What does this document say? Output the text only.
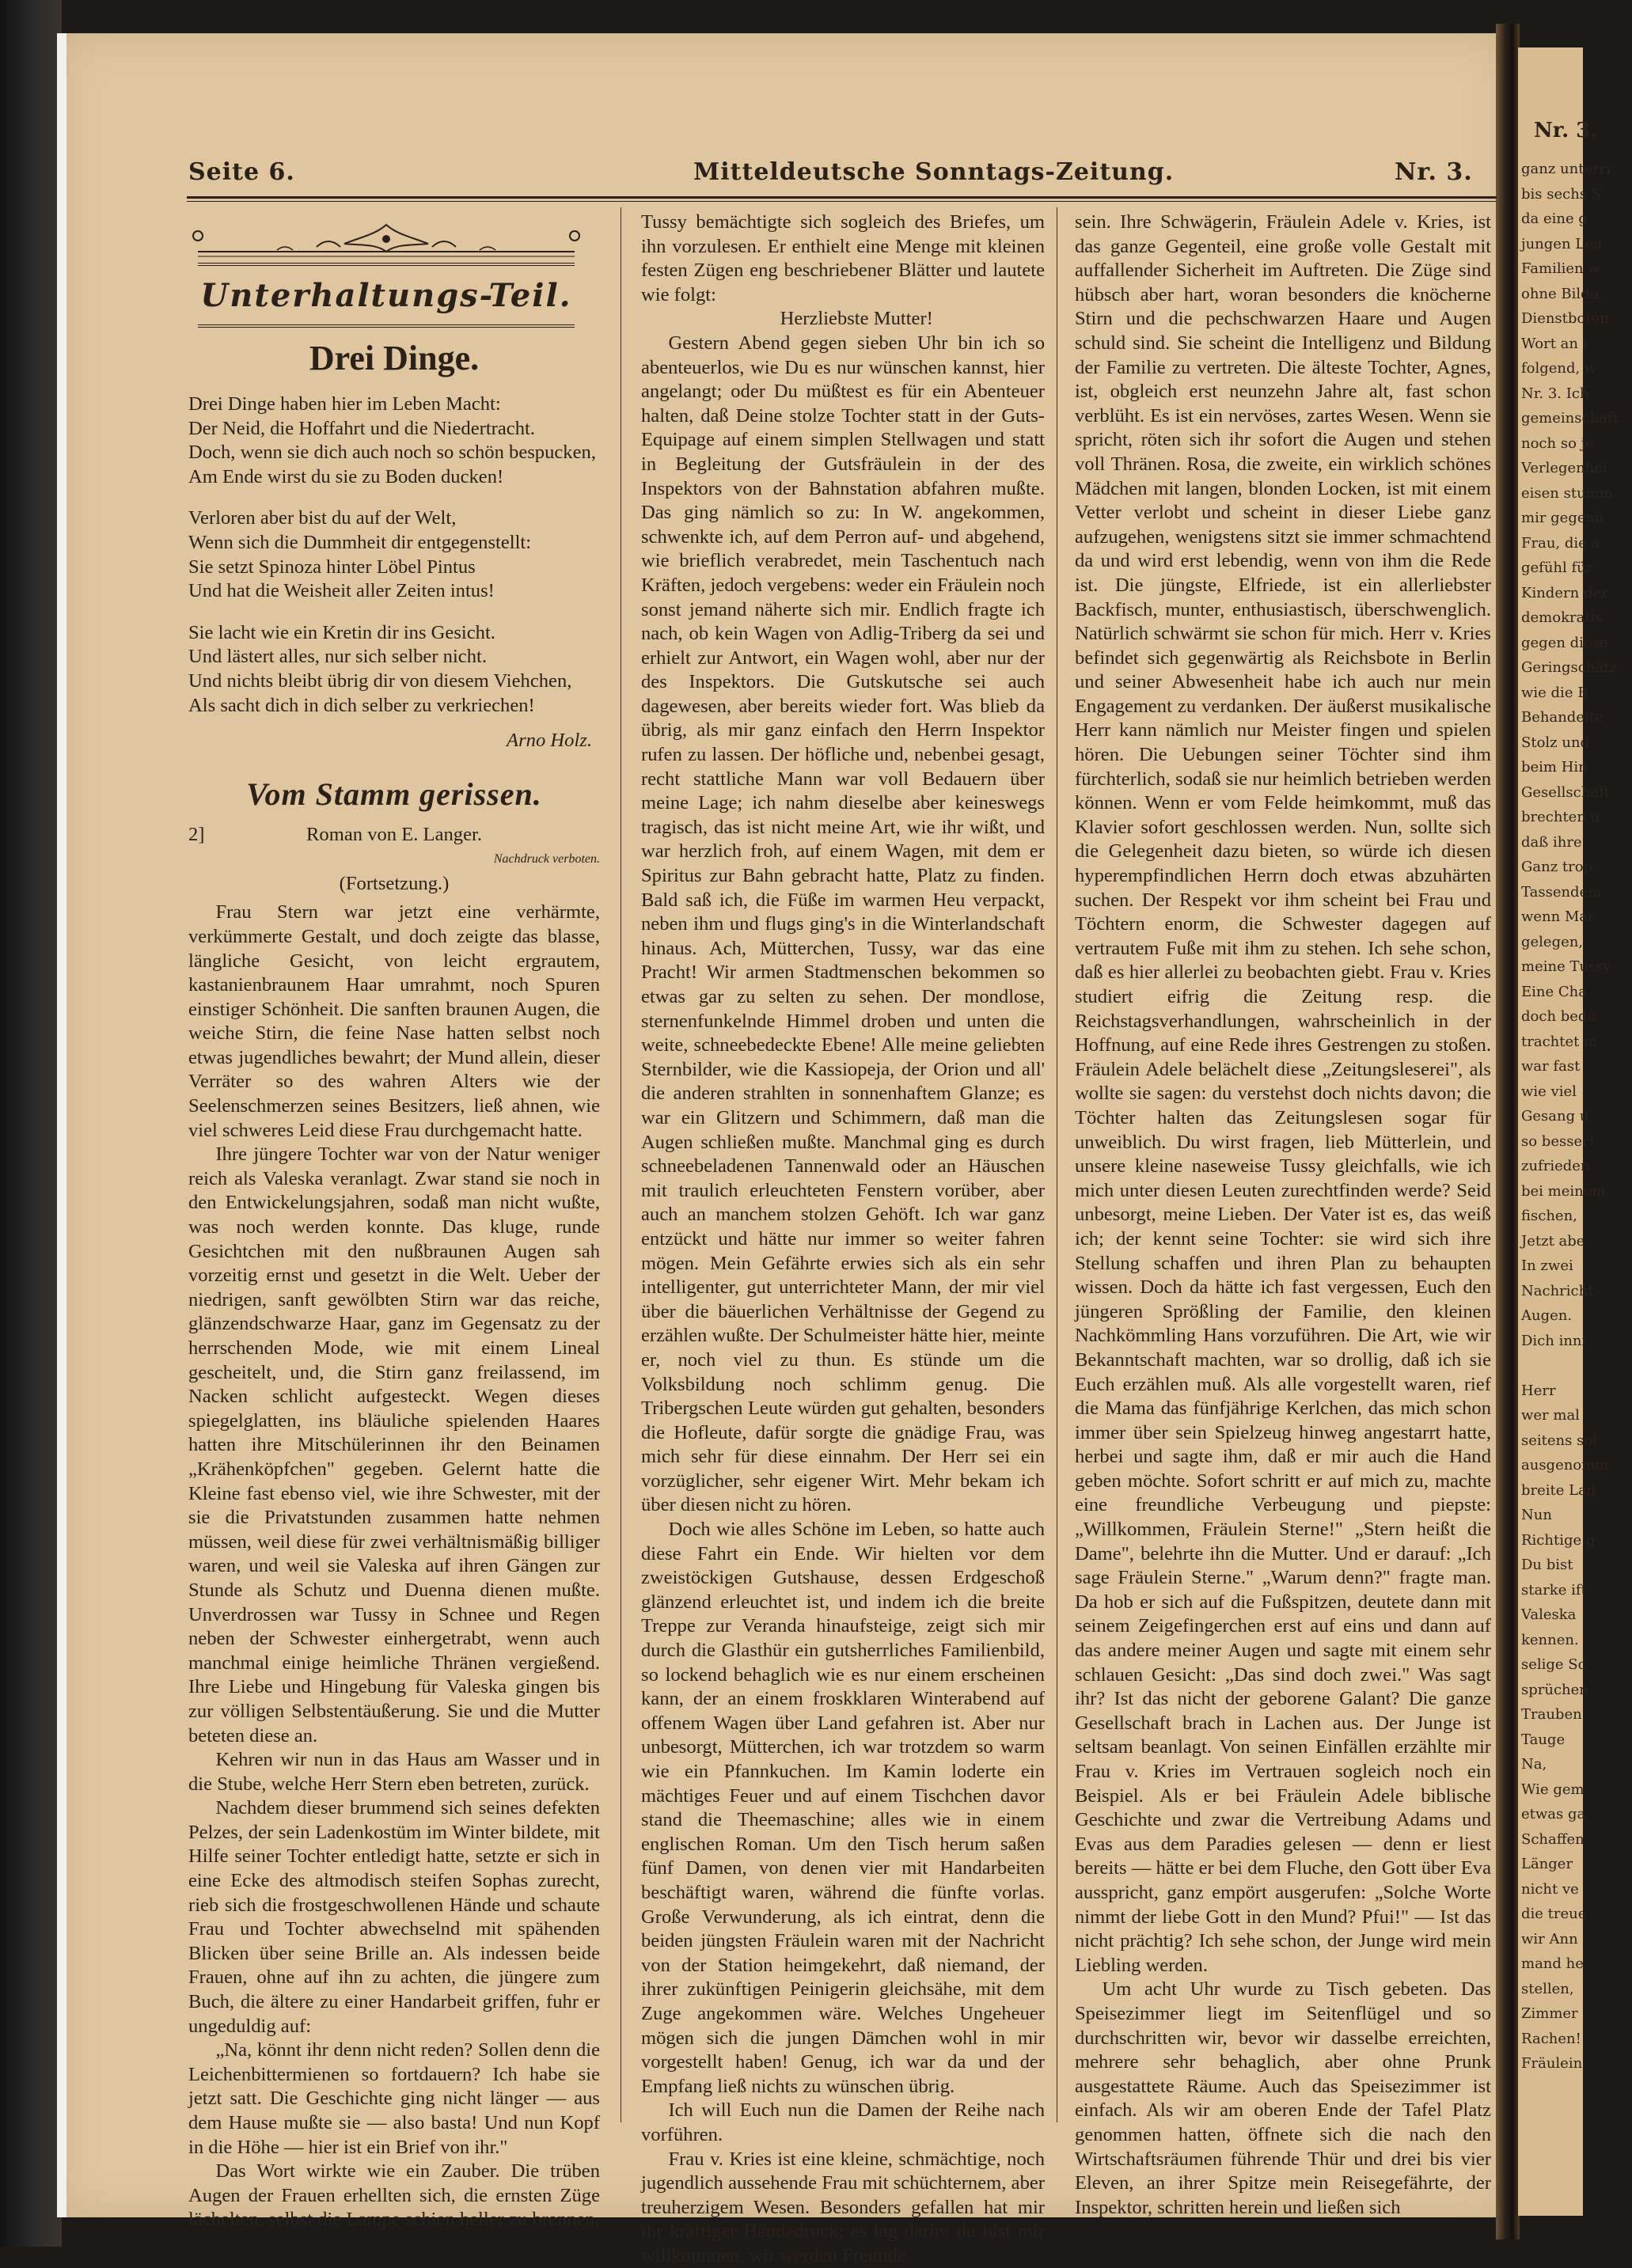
Nr. 3.
ganz unterri
bis sechs S
da eine g
jungen Leu
Familien w
ohne Bildu
Dienstboten
Wort an i
folgend, w
Nr. 3. Ich
gemeinschaft
noch so je
Verlegenhei
eisen stumm
mir gegenü
Frau, die a
gefühl für
Kindern der
demokratis
gegen diese
Geringschätz
wie die B
Behandelte
Stolz und
beim Hin
Gesellschaft
brechten u
daß ihre
Ganz trop
Tassendem
wenn Mar
gelegen,
meine Tussy
Eine Cha
doch bedü
trachtet m
war fast
wie viel
Gesang u
so besser!
zufrieden
bei meinem
fischen,
Jetzt abe
In zwei
Nachricht
Augen.
Dich inni
Herr
wer mal
seitens sei
ausgenomm
breite Lad
Nun
Richtige g
Du bist
starke ift
Valeska
kennen.
selige Sc
sprüchen
Trauben
Tauge
Na,
Wie gem
etwas ga
Schaffen
Länger
nicht ve
die treue
wir Ann
mand he
stellen,
Zimmer
Rachen!
Fräulein
Seite 6.	Mitteldeutsche Sonntags-Zeitung.	Nr. 3.
Unterhaltungs-Teil.
Drei Dinge.
Drei Dinge haben hier im Leben Macht:
Der Neid, die Hoffahrt und die Niedertracht.
Doch, wenn sie dich auch noch so schön bespucken,
Am Ende wirst du sie zu Boden ducken!
Verloren aber bist du auf der Welt,
Wenn sich die Dummheit dir entgegenstellt:
Sie setzt Spinoza hinter Löbel Pintus
Und hat die Weisheit aller Zeiten intus!
Sie lacht wie ein Kretin dir ins Gesicht.
Und lästert alles, nur sich selber nicht.
Und nichts bleibt übrig dir von diesem Viehchen,
Als sacht dich in dich selber zu verkriechen!
Arno Holz.
Vom Stamm gerissen.
2]	Roman von E. Langer.
Nachdruck verboten.
(Fortsetzung.)

Frau Stern war jetzt eine verhärmte, verkümmerte Gestalt, und doch zeigte das blasse, längliche Gesicht, von leicht ergrautem, kastanienbraunem Haar umrahmt, noch Spuren einstiger Schönheit. Die sanften braunen Augen, die weiche Stirn, die feine Nase hatten selbst noch etwas jugendliches bewahrt; der Mund allein, dieser Verräter so des wahren Alters wie der Seelenschmerzen seines Besitzers, ließ ahnen, wie viel schweres Leid diese Frau durchgemacht hatte.

Ihre jüngere Tochter war von der Natur weniger reich als Valeska veranlagt. Zwar stand sie noch in den Entwickelungsjahren, sodaß man nicht wußte, was noch werden konnte. Das kluge, runde Gesichtchen mit den nußbraunen Augen sah vorzeitig ernst und gesetzt in die Welt. Ueber der niedrigen, sanft gewölbten Stirn war das reiche, glänzendschwarze Haar, ganz im Gegensatz zu der herrschenden Mode, wie mit einem Lineal gescheitelt, und, die Stirn ganz freilassend, im Nacken schlicht aufgesteckt. Wegen dieses spiegelglatten, ins bläuliche spielenden Haares hatten ihre Mitschülerinnen ihr den Beinamen „Krähenköpfchen" gegeben. Gelernt hatte die Kleine fast ebenso viel, wie ihre Schwester, mit der sie die Privatstunden zusammen hatte nehmen müssen, weil diese für zwei verhältnismäßig billiger waren, und weil sie Valeska auf ihren Gängen zur Stunde als Schutz und Duenna dienen mußte. Unverdrossen war Tussy in Schnee und Regen neben der Schwester einhergetrabt, wenn auch manchmal einige heimliche Thränen vergießend. Ihre Liebe und Hingebung für Valeska gingen bis zur völligen Selbstentäußerung. Sie und die Mutter beteten diese an.

Kehren wir nun in das Haus am Wasser und in die Stube, welche Herr Stern eben betreten, zurück.

Nachdem dieser brummend sich seines defekten Pelzes, der sein Ladenkostüm im Winter bildete, mit Hilfe seiner Tochter entledigt hatte, setzte er sich in eine Ecke des altmodisch steifen Sophas zurecht, rieb sich die frostgeschwollenen Hände und schaute Frau und Tochter abwechselnd mit spähenden Blicken über seine Brille an. Als indessen beide Frauen, ohne auf ihn zu achten, die jüngere zum Buch, die ältere zu einer Handarbeit griffen, fuhr er ungeduldig auf:

„Na, könnt ihr denn nicht reden? Sollen denn die Leichenbittermienen so fortdauern? Ich habe sie jetzt satt. Die Geschichte ging nicht länger — aus dem Hause mußte sie — also basta! Und nun Kopf in die Höhe — hier ist ein Brief von ihr."

Das Wort wirkte wie ein Zauber. Die trüben Augen der Frauen erhellten sich, die ernsten Züge lächelten, selbst die Lampe schien heller zu brennen.

Tussy bemächtigte sich sogleich des Briefes, um ihn vorzulesen. Er enthielt eine Menge mit kleinen festen Zügen eng beschriebener Blätter und lautete wie folgt:

Herzliebste Mutter!

Gestern Abend gegen sieben Uhr bin ich so abenteuerlos, wie Du es nur wünschen kannst, hier angelangt; oder Du müßtest es für ein Abenteuer halten, daß Deine stolze Tochter statt in der Guts-Equipage auf einem simplen Stellwagen und statt in Begleitung der Gutsfräulein in der des Inspektors von der Bahnstation abfahren mußte. Das ging nämlich so zu: In W. angekommen, schwenkte ich, auf dem Perron auf- und abgehend, wie brieflich verabredet, mein Taschentuch nach Kräften, jedoch vergebens: weder ein Fräulein noch sonst jemand näherte sich mir. Endlich fragte ich nach, ob kein Wagen von Adlig-Triberg da sei und erhielt zur Antwort, ein Wagen wohl, aber nur der des Inspektors. Die Gutskutsche sei auch dagewesen, aber bereits wieder fort. Was blieb da übrig, als mir ganz einfach den Herrn Inspektor rufen zu lassen. Der höfliche und, nebenbei gesagt, recht stattliche Mann war voll Bedauern über meine Lage; ich nahm dieselbe aber keineswegs tragisch, das ist nicht meine Art, wie ihr wißt, und war herzlich froh, auf einem Wagen, mit dem er Spiritus zur Bahn gebracht hatte, Platz zu finden. Bald saß ich, die Füße im warmen Heu verpackt, neben ihm und flugs ging's in die Winterlandschaft hinaus. Ach, Mütterchen, Tussy, war das eine Pracht! Wir armen Stadtmenschen bekommen so etwas gar zu selten zu sehen. Der mondlose, sternenfunkelnde Himmel droben und unten die weite, schneebedeckte Ebene! Alle meine geliebten Sternbilder, wie die Kassiopeja, der Orion und all' die anderen strahlten in sonnenhaftem Glanze; es war ein Glitzern und Schimmern, daß man die Augen schließen mußte. Manchmal ging es durch schneebeladenen Tannenwald oder an Häuschen mit traulich erleuchteten Fenstern vorüber, aber auch an manchem stolzen Gehöft. Ich war ganz entzückt und hätte nur immer so weiter fahren mögen. Mein Gefährte erwies sich als ein sehr intelligenter, gut unterrichteter Mann, der mir viel über die bäuerlichen Verhältnisse der Gegend zu erzählen wußte. Der Schulmeister hätte hier, meinte er, noch viel zu thun. Es stünde um die Volksbildung noch schlimm genug. Die Tribergschen Leute würden gut gehalten, besonders die Hofleute, dafür sorgte die gnädige Frau, was mich sehr für diese einnahm. Der Herr sei ein vorzüglicher, sehr eigener Wirt. Mehr bekam ich über diesen nicht zu hören.

Doch wie alles Schöne im Leben, so hatte auch diese Fahrt ein Ende. Wir hielten vor dem zweistöckigen Gutshause, dessen Erdgeschoß glänzend erleuchtet ist, und indem ich die breite Treppe zur Veranda hinaufsteige, zeigt sich mir durch die Glasthür ein gutsherrliches Familienbild, so lockend behaglich wie es nur einem erscheinen kann, der an einem froskklaren Winterabend auf offenem Wagen über Land gefahren ist. Aber nur unbesorgt, Mütterchen, ich war trotzdem so warm wie ein Pfannkuchen. Im Kamin loderte ein mächtiges Feuer und auf einem Tischchen davor stand die Theemaschine; alles wie in einem englischen Roman. Um den Tisch herum saßen fünf Damen, von denen vier mit Handarbeiten beschäftigt waren, während die fünfte vorlas. Große Verwunderung, als ich eintrat, denn die beiden jüngsten Fräulein waren mit der Nachricht von der Station heimgekehrt, daß niemand, der ihrer zukünftigen Peinigerin gleichsähe, mit dem Zuge angekommen wäre. Welches Ungeheuer mögen sich die jungen Dämchen wohl in mir vorgestellt haben! Genug, ich war da und der Empfang ließ nichts zu wünschen übrig.

Ich will Euch nun die Damen der Reihe nach vorführen.

Frau v. Kries ist eine kleine, schmächtige, noch jugendlich aussehende Frau mit schüchternem, aber treuherzigem Wesen. Besonders gefallen hat mir ihr kräftiger Händedruck; es lag darin: du bist mir willkommen, wir werden Freunde

sein. Ihre Schwägerin, Fräulein Adele v. Kries, ist das ganze Gegenteil, eine große volle Gestalt mit auffallender Sicherheit im Auftreten. Die Züge sind hübsch aber hart, woran besonders die knöcherne Stirn und die pechschwarzen Haare und Augen schuld sind. Sie scheint die Intelligenz und Bildung der Familie zu vertreten. Die älteste Tochter, Agnes, ist, obgleich erst neunzehn Jahre alt, fast schon verblüht. Es ist ein nervöses, zartes Wesen. Wenn sie spricht, röten sich ihr sofort die Augen und stehen voll Thränen. Rosa, die zweite, ein wirklich schönes Mädchen mit langen, blonden Locken, ist mit einem Vetter verlobt und scheint in dieser Liebe ganz aufzugehen, wenigstens sitzt sie immer schmachtend da und wird erst lebendig, wenn von ihm die Rede ist. Die jüngste, Elfriede, ist ein allerliebster Backfisch, munter, enthusiastisch, überschwenglich. Natürlich schwärmt sie schon für mich. Herr v. Kries befindet sich gegenwärtig als Reichsbote in Berlin und seiner Abwesenheit habe ich auch nur mein Engagement zu verdanken. Der äußerst musikalische Herr kann nämlich nur Meister fingen und spielen hören. Die Uebungen seiner Töchter sind ihm fürchterlich, sodaß sie nur heimlich betrieben werden können. Wenn er vom Felde heimkommt, muß das Klavier sofort geschlossen werden. Nun, sollte sich die Gelegenheit dazu bieten, so würde ich diesen hyperempfindlichen Herrn doch etwas abzuhärten suchen. Der Respekt vor ihm scheint bei Frau und Töchtern enorm, die Schwester dagegen auf vertrautem Fuße mit ihm zu stehen. Ich sehe schon, daß es hier allerlei zu beobachten giebt. Frau v. Kries studiert eifrig die Zeitung resp. die Reichstagsverhandlungen, wahrscheinlich in der Hoffnung, auf eine Rede ihres Gestrengen zu stoßen. Fräulein Adele belächelt diese „Zeitungsleserei", als wollte sie sagen: du verstehst doch nichts davon; die Töchter halten das Zeitungslesen sogar für unweiblich. Du wirst fragen, lieb Mütterlein, und unsere kleine naseweise Tussy gleichfalls, wie ich mich unter diesen Leuten zurechtfinden werde? Seid unbesorgt, meine Lieben. Der Vater ist es, das weiß ich; der kennt seine Tochter: sie wird sich ihre Stellung schaffen und ihren Plan zu behaupten wissen. Doch da hätte ich fast vergessen, Euch den jüngeren Sprößling der Familie, den kleinen Nachkömmling Hans vorzuführen. Die Art, wie wir Bekanntschaft machten, war so drollig, daß ich sie Euch erzählen muß. Als alle vorgestellt waren, rief die Mama das fünfjährige Kerlchen, das mich schon immer über sein Spielzeug hinweg angestarrt hatte, herbei und sagte ihm, daß er mir auch die Hand geben möchte. Sofort schritt er auf mich zu, machte eine freundliche Verbeugung und piepste: „Willkommen, Fräulein Sterne!" „Stern heißt die Dame", belehrte ihn die Mutter. Und er darauf: „Ich sage Fräulein Sterne." „Warum denn?" fragte man. Da hob er sich auf die Fußspitzen, deutete dann mit seinem Zeigefingerchen erst auf eins und dann auf das andere meiner Augen und sagte mit einem sehr schlauen Gesicht: „Das sind doch zwei." Was sagt ihr? Ist das nicht der geborene Galant? Die ganze Gesellschaft brach in Lachen aus. Der Junge ist seltsam beanlagt. Von seinen Einfällen erzählte mir Frau v. Kries im Vertrauen sogleich noch ein Beispiel. Als er bei Fräulein Adele biblische Geschichte und zwar die Vertreibung Adams und Evas aus dem Paradies gelesen — denn er liest bereits — hätte er bei dem Fluche, den Gott über Eva ausspricht, ganz empört ausgerufen: „Solche Worte nimmt der liebe Gott in den Mund? Pfui!" — Ist das nicht prächtig? Ich sehe schon, der Junge wird mein Liebling werden.

Um acht Uhr wurde zu Tisch gebeten. Das Speisezimmer liegt im Seitenflügel und so durchschritten wir, bevor wir dasselbe erreichten, mehrere sehr behaglich, aber ohne Prunk ausgestattete Räume. Auch das Speisezimmer ist einfach. Als wir am oberen Ende der Tafel Platz genommen hatten, öffnete sich die nach den Wirtschaftsräumen führende Thür und drei bis vier Eleven, an ihrer Spitze mein Reisegefährte, der Inspektor, schritten herein und ließen sich
